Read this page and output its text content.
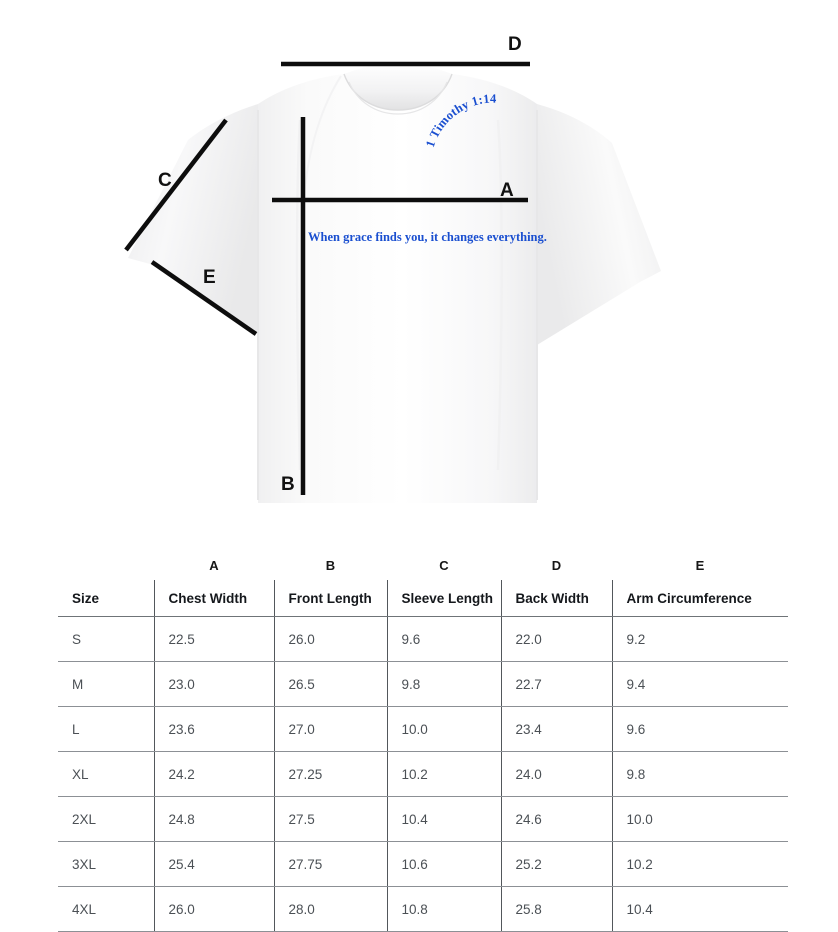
1 Timothy 1:14
When grace finds you, it changes everything.
D
A
B
C
E
	A	B	C	D	E
Size	Chest Width	Front Length	Sleeve Length	Back Width	Arm Circumference
S	22.5	26.0	9.6	22.0	9.2
M	23.0	26.5	9.8	22.7	9.4
L	23.6	27.0	10.0	23.4	9.6
XL	24.2	27.25	10.2	24.0	9.8
2XL	24.8	27.5	10.4	24.6	10.0
3XL	25.4	27.75	10.6	25.2	10.2
4XL	26.0	28.0	10.8	25.8	10.4
